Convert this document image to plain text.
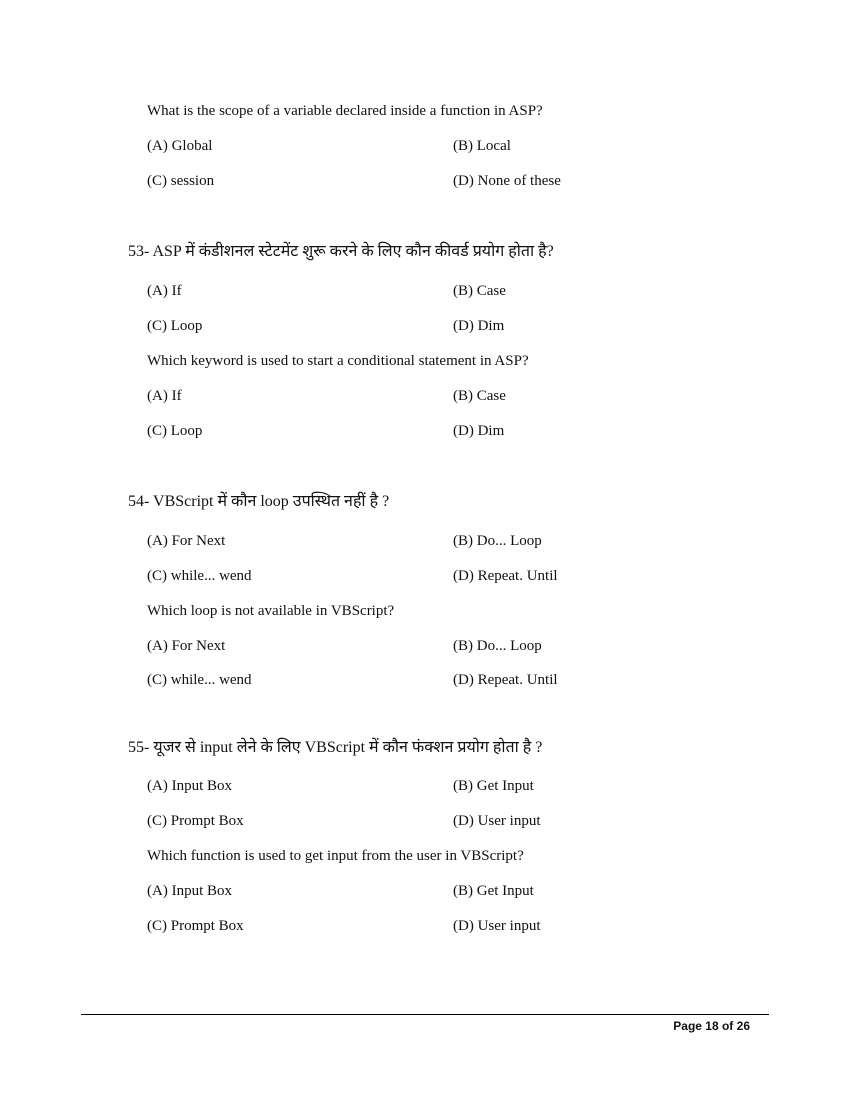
What is the scope of a variable declared inside a function in ASP?
(A) Global	(B) Local
(C) session	(D) None of these
53- ASP में कंडीशनल स्टेटमेंट शुरू करने के लिए कौन कीवर्ड प्रयोग होता है?
(A) If	(B) Case
(C) Loop	(D) Dim
Which keyword is used to start a conditional statement in ASP?
(A) If	(B) Case
(C) Loop	(D) Dim
54- VBScript में कौन loop उपस्थित नहीं है ?
(A) For Next	(B) Do... Loop
(C) while... wend	(D) Repeat. Until
Which loop is not available in VBScript?
(A) For Next	(B) Do... Loop
(C) while... wend	(D) Repeat. Until
55- यूजर से input लेने के लिए VBScript में कौन फंक्शन प्रयोग होता है ?
(A) Input Box	(B) Get Input
(C) Prompt Box	(D) User input
Which function is used to get input from the user in VBScript?
(A) Input Box	(B) Get Input
(C) Prompt Box	(D) User input
Page 18 of 26
